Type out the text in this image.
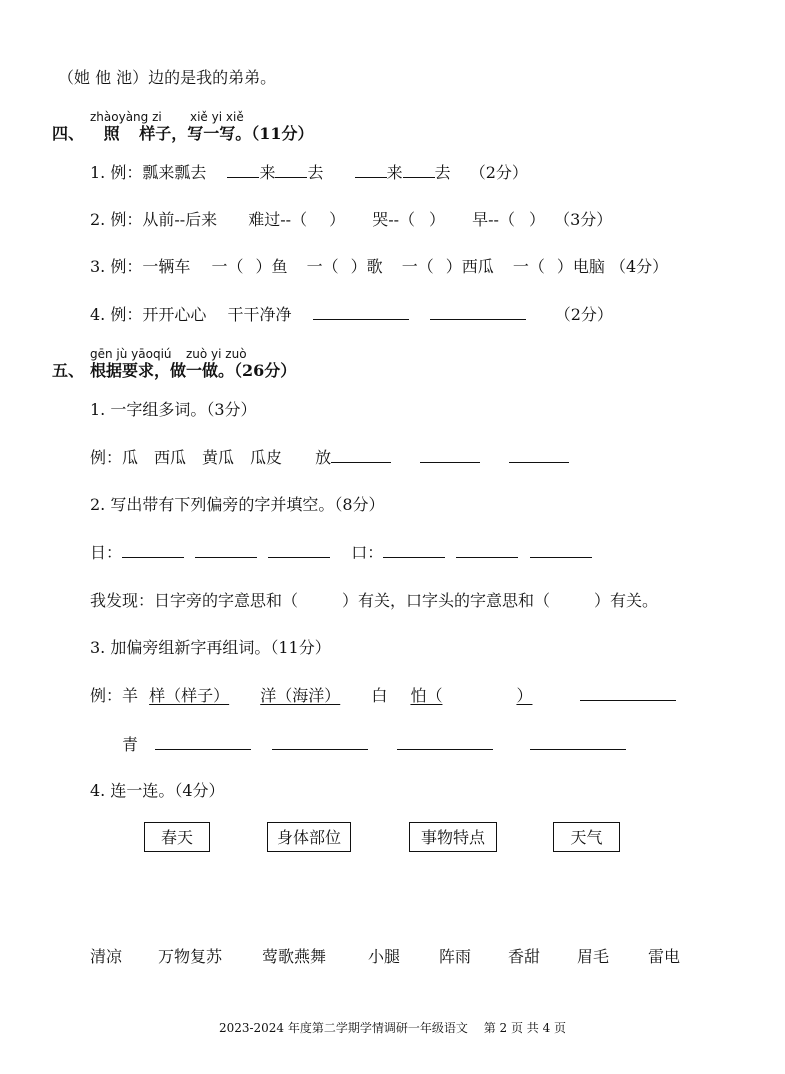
（她 他 池）边的是我的弟弟。
zhàoyàng zi xiě yi xiě
四、 照 样子，写一写。（11分）
1. 例：瓢来瓢去	来 去	来 去 （2分）
2. 例：从前--后来 难过--（ ） 哭--（ ） 早--（ ） （3分）
3. 例：一辆车 一（ ）鱼 一（ ）歌 一（ ）西瓜 一（ ）电脑 （4分）
4. 例：开开心心 干干净净	（2分）
gēn jù yāoqiú zuò yi zuò
五、 根据要求，做一做。（26分）
1. 一字组多词。（3分）
例：瓜　西瓜　黄瓜　瓜皮 放
2. 写出带有下列偏旁的字并填空。（8分）
日：	口：
我发现：日字旁的字意思和（	）有关，口字头的字意思和（	）有关。
3. 加偏旁组新字再组词。（11分）
例：羊 样（样子） 洋（海洋） 白 怕（	）
青
4. 连一连。（4分）
春天	身体部位	事物特点	天气
清凉 万物复苏 莺歌燕舞	小腿 阵雨 香甜 眉毛 雷电
2023-2024 年度第二学期学情调研一年级语文　 第 2 页 共 4 页
